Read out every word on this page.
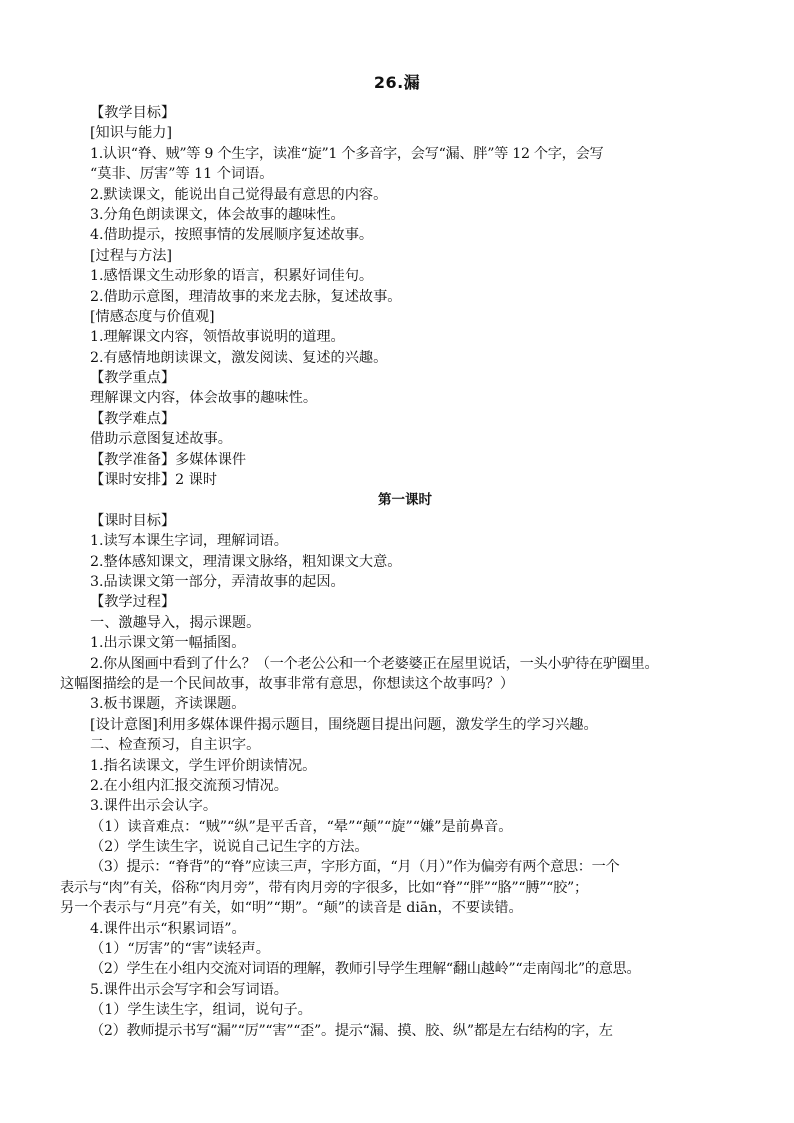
26.漏
【教学目标】
[知识与能力]
1.认识“脊、贼”等 9 个生字，读准“旋”1 个多音字，会写“漏、胖”等 12 个字，会写
“莫非、厉害”等 11 个词语。
2.默读课文，能说出自己觉得最有意思的内容。
3.分角色朗读课文，体会故事的趣味性。
4.借助提示，按照事情的发展顺序复述故事。
[过程与方法]
1.感悟课文生动形象的语言，积累好词佳句。
2.借助示意图，理清故事的来龙去脉，复述故事。
[情感态度与价值观]
1.理解课文内容，领悟故事说明的道理。
2.有感情地朗读课文，激发阅读、复述的兴趣。
【教学重点】
理解课文内容，体会故事的趣味性。
【教学难点】
借助示意图复述故事。
【教学准备】多媒体课件
【课时安排】2 课时
第一课时
【课时目标】
1.读写本课生字词，理解词语。
2.整体感知课文，理清课文脉络，粗知课文大意。
3.品读课文第一部分，弄清故事的起因。
【教学过程】
一、激趣导入，揭示课题。
1.出示课文第一幅插图。
2.你从图画中看到了什么？（一个老公公和一个老婆婆正在屋里说话，一头小驴待在驴圈里。
这幅图描绘的是一个民间故事，故事非常有意思，你想读这个故事吗？）
3.板书课题，齐读课题。
[设计意图]利用多媒体课件揭示题目，围绕题目提出问题，激发学生的学习兴趣。
二、检查预习，自主识字。
1.指名读课文，学生评价朗读情况。
2.在小组内汇报交流预习情况。
3.课件出示会认字。
（1）读音难点：“贼”“纵”是平舌音，“晕”“颠”“旋”“嫌”是前鼻音。
（2）学生读生字，说说自己记生字的方法。
（3）提示：“脊背”的“脊”应读三声，字形方面，“月（月）”作为偏旁有两个意思：一个
表示与“肉”有关，俗称“肉月旁”，带有肉月旁的字很多，比如“脊”“胖”“胳”“膊”“胶”；
另一个表示与“月亮”有关，如“明”“期”。“颠”的读音是 diān，不要读错。
4.课件出示“积累词语”。
（1）“厉害”的“害”读轻声。
（2）学生在小组内交流对词语的理解，教师引导学生理解“翻山越岭”“走南闯北”的意思。
5.课件出示会写字和会写词语。
（1）学生读生字，组词，说句子。
（2）教师提示书写“漏”“厉”“害”“歪”。提示“漏、摸、胶、纵”都是左右结构的字，左
